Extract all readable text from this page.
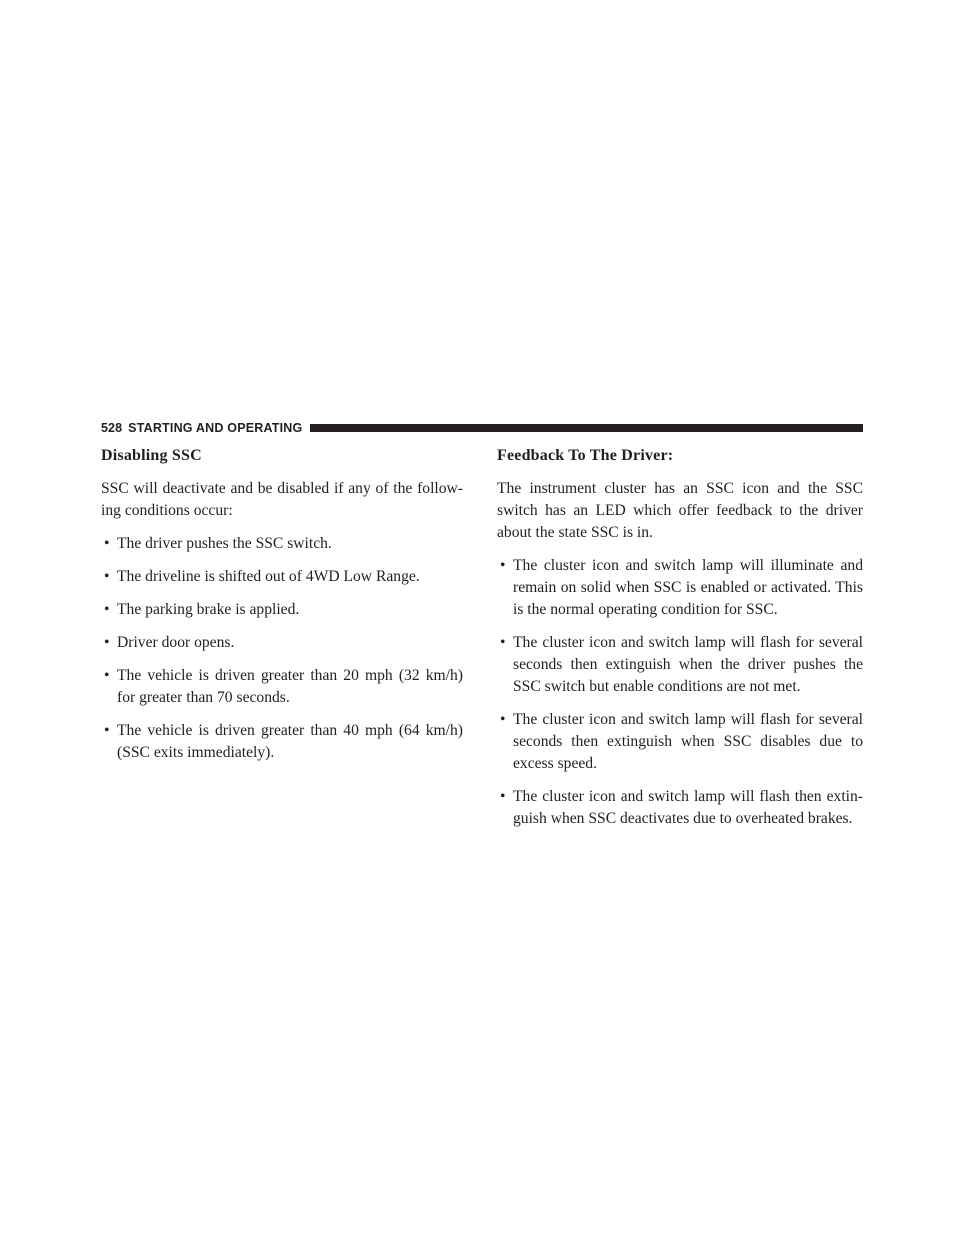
528 STARTING AND OPERATING
Disabling SSC

SSC will deactivate and be disabled if any of the follow-ing conditions occur:

• The driver pushes the SSC switch.
• The driveline is shifted out of 4WD Low Range.
• The parking brake is applied.
• Driver door opens.
• The vehicle is driven greater than 20 mph (32 km/h) for greater than 70 seconds.
• The vehicle is driven greater than 40 mph (64 km/h) (SSC exits immediately).
Feedback To The Driver:

The instrument cluster has an SSC icon and the SSC switch has an LED which offer feedback to the driver about the state SSC is in.

• The cluster icon and switch lamp will illuminate and remain on solid when SSC is enabled or activated. This is the normal operating condition for SSC.
• The cluster icon and switch lamp will flash for several seconds then extinguish when the driver pushes the SSC switch but enable conditions are not met.
• The cluster icon and switch lamp will flash for several seconds then extinguish when SSC disables due to excess speed.
• The cluster icon and switch lamp will flash then extin-guish when SSC deactivates due to overheated brakes.
